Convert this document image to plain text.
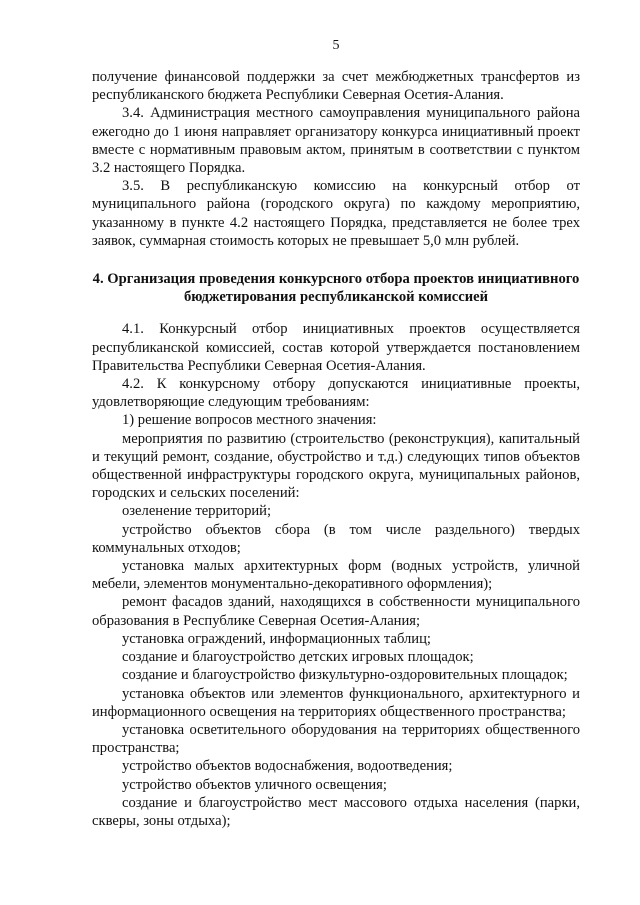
5

получение финансовой поддержки за счет межбюджетных трансфертов из республиканского бюджета Республики Северная Осетия-Алания.

3.4. Администрация местного самоуправления муниципального района ежегодно до 1 июня направляет организатору конкурса инициативный проект вместе с нормативным правовым актом, принятым в соответствии с пунктом 3.2 настоящего Порядка.

3.5. В республиканскую комиссию на конкурсный отбор от муниципального района (городского округа) по каждому мероприятию, указанному в пункте 4.2 настоящего Порядка, представляется не более трех заявок, суммарная стоимость которых не превышает 5,0 млн рублей.

4. Организация проведения конкурсного отбора проектов инициативного бюджетирования республиканской комиссией

4.1. Конкурсный отбор инициативных проектов осуществляется республиканской комиссией, состав которой утверждается постановлением Правительства Республики Северная Осетия-Алания.

4.2. К конкурсному отбору допускаются инициативные проекты, удовлетворяющие следующим требованиям:

1) решение вопросов местного значения:

мероприятия по развитию (строительство (реконструкция), капитальный и текущий ремонт, создание, обустройство и т.д.) следующих типов объектов общественной инфраструктуры городского округа, муниципальных районов, городских и сельских поселений:

озеленение территорий;

устройство объектов сбора (в том числе раздельного) твердых коммунальных отходов;

установка малых архитектурных форм (водных устройств, уличной мебели, элементов монументально-декоративного оформления);

ремонт фасадов зданий, находящихся в собственности муниципального образования в Республике Северная Осетия-Алания;

установка ограждений, информационных таблиц;

создание и благоустройство детских игровых площадок;

создание и благоустройство физкультурно-оздоровительных площадок;

установка объектов или элементов функционального, архитектурного и информационного освещения на территориях общественного пространства;

установка осветительного оборудования на территориях общественного пространства;

устройство объектов водоснабжения, водоотведения;

устройство объектов уличного освещения;

создание и благоустройство мест массового отдыха населения (парки, скверы, зоны отдыха);
